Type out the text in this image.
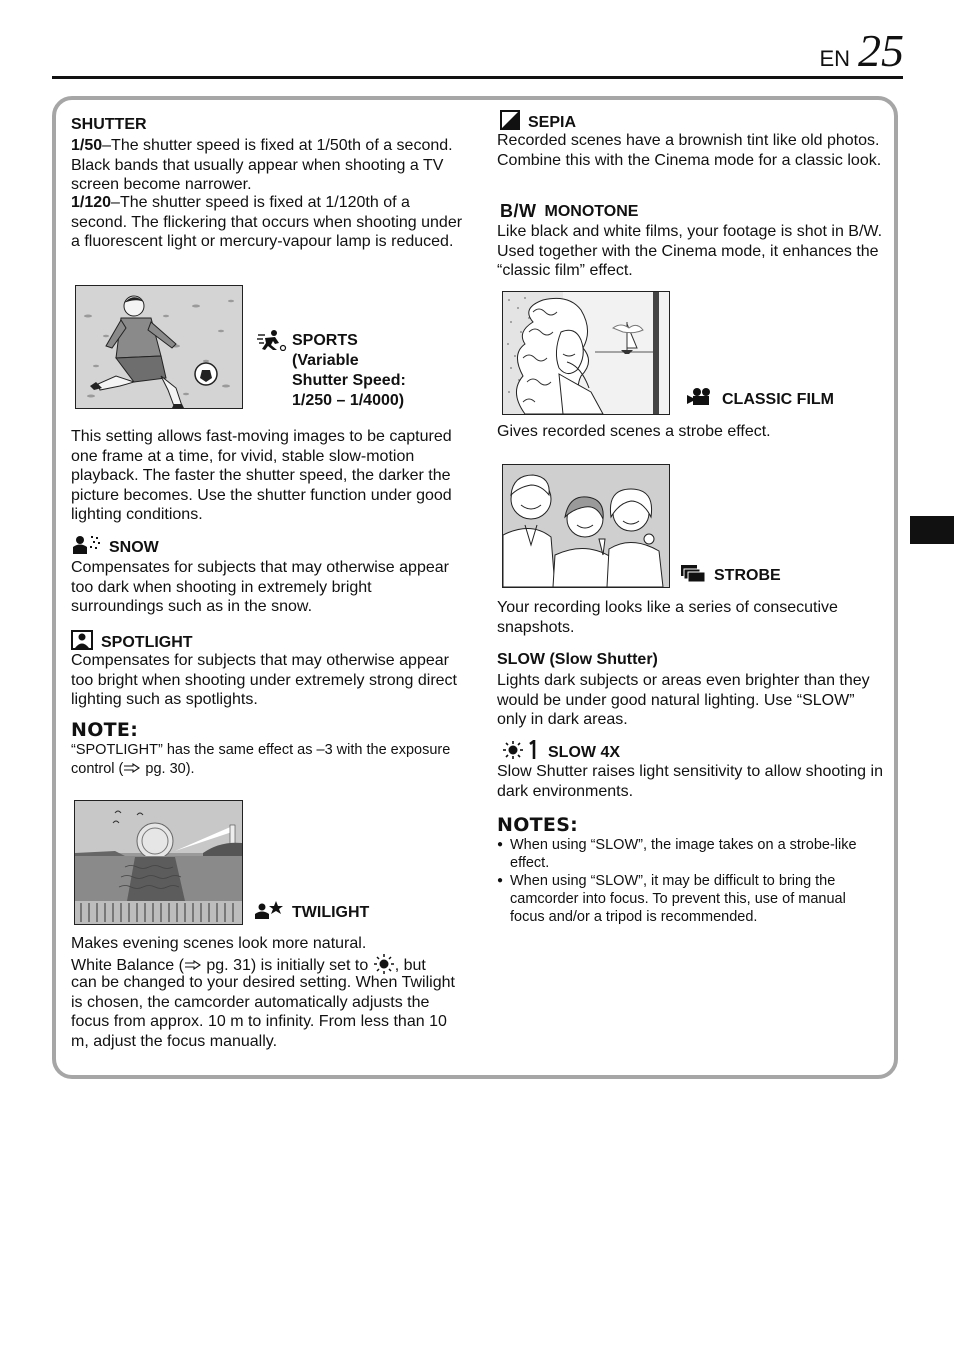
EN 25
SHUTTER

1/50–The shutter speed is fixed at 1/50th of a second. Black bands that usually appear when shooting a TV screen become narrower.

1/120–The shutter speed is fixed at 1/120th of a second. The flickering that occurs when shooting under a fluorescent light or mercury-vapour lamp is reduced.

SPORTS
(Variable
Shutter Speed:
1/250 – 1/4000)

This setting allows fast-moving images to be captured one frame at a time, for vivid, stable slow-motion playback. The faster the shutter speed, the darker the picture becomes. Use the shutter function under good lighting conditions.

SNOW

Compensates for subjects that may otherwise appear too dark when shooting in extremely bright surroundings such as in the snow.

SPOTLIGHT

Compensates for subjects that may otherwise appear too bright when shooting under extremely strong direct lighting such as spotlights.

NOTE:

“SPOTLIGHT” has the same effect as –3 with the exposure control ( pg. 30).

TWILIGHT

Makes evening scenes look more natural.

White Balance ( pg. 31) is initially set to , but

can be changed to your desired setting. When Twilight is chosen, the camcorder automatically adjusts the focus from approx. 10 m to infinity. From less than 10 m, adjust the focus manually.

SEPIA

Recorded scenes have a brownish tint like old photos. Combine this with the Cinema mode for a classic look.

B/W MONOTONE

Like black and white films, your footage is shot in B/W. Used together with the Cinema mode, it enhances the “classic film” effect.

CLASSIC FILM

Gives recorded scenes a strobe effect.

STROBE

Your recording looks like a series of consecutive snapshots.

SLOW (Slow Shutter)

Lights dark subjects or areas even brighter than they would be under good natural lighting. Use “SLOW” only in dark areas.

SLOW 4X

Slow Shutter raises light sensitivity to allow shooting in dark environments.

NOTES:
● When using “SLOW”, the image takes on a strobe-like effect.
● When using “SLOW”, it may be difficult to bring the camcorder into focus. To prevent this, use of manual focus and/or a tripod is recommended.
